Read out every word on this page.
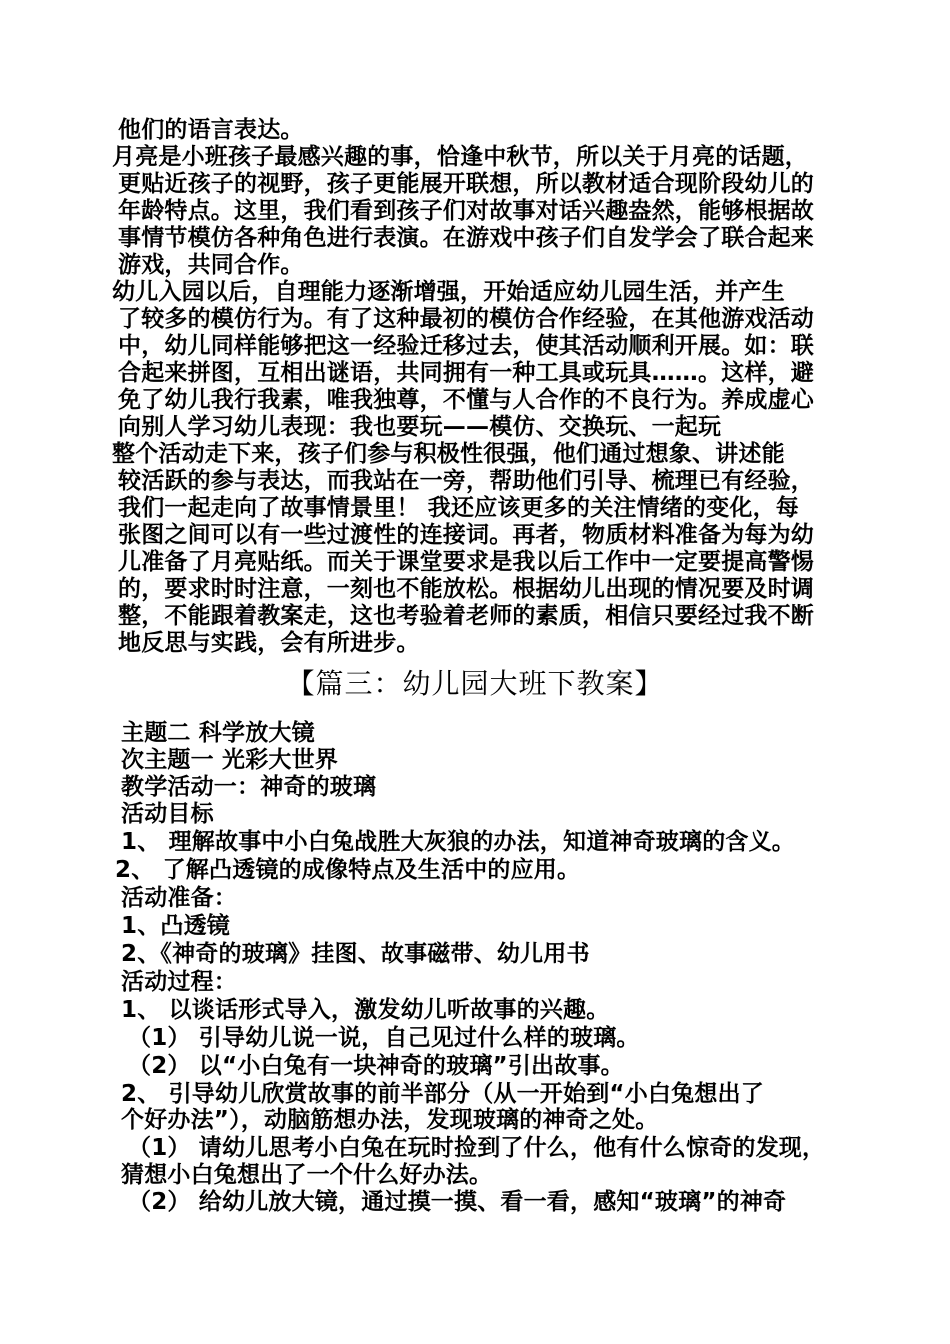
他们的语言表达。
月亮是小班孩子最感兴趣的事，恰逢中秋节，所以关于月亮的话题，
更贴近孩子的视野，孩子更能展开联想，所以教材适合现阶段幼儿的
年龄特点。这里，我们看到孩子们对故事对话兴趣盎然，能够根据故
事情节模仿各种角色进行表演。在游戏中孩子们自发学会了联合起来
游戏，共同合作。
幼儿入园以后，自理能力逐渐增强，开始适应幼儿园生活，并产生
了较多的模仿行为。有了这种最初的模仿合作经验，在其他游戏活动
中，幼儿同样能够把这一经验迁移过去，使其活动顺利开展。如：联
合起来拼图，互相出谜语，共同拥有一种工具或玩具……。这样，避
免了幼儿我行我素，唯我独尊，不懂与人合作的不良行为。养成虚心
向别人学习幼儿表现：我也要玩——模仿、交换玩、一起玩
整个活动走下来，孩子们参与积极性很强，他们通过想象、讲述能
较活跃的参与表达，而我站在一旁，帮助他们引导、梳理已有经验，
我们一起走向了故事情景里！ 我还应该更多的关注情绪的变化，每
张图之间可以有一些过渡性的连接词。再者，物质材料准备为每为幼
儿准备了月亮贴纸。而关于课堂要求是我以后工作中一定要提高警惕
的，要求时时注意，一刻也不能放松。根据幼儿出现的情况要及时调
整，不能跟着教案走，这也考验着老师的素质，相信只要经过我不断
地反思与实践，会有所进步。
【篇三：幼儿园大班下教案】
主题二 科学放大镜
次主题一 光彩大世界
教学活动一：神奇的玻璃
活动目标
1、 理解故事中小白兔战胜大灰狼的办法，知道神奇玻璃的含义。
2、 了解凸透镜的成像特点及生活中的应用。
活动准备：
1、凸透镜
2、《神奇的玻璃》挂图、故事磁带、幼儿用书
活动过程：
1、 以谈话形式导入，激发幼儿听故事的兴趣。
（1） 引导幼儿说一说，自己见过什么样的玻璃。
（2） 以“小白兔有一块神奇的玻璃”引出故事。
2、 引导幼儿欣赏故事的前半部分（从一开始到“小白兔想出了
个好办法”），动脑筋想办法，发现玻璃的神奇之处。
（1） 请幼儿思考小白兔在玩时捡到了什么，他有什么惊奇的发现，
猜想小白兔想出了一个什么好办法。
（2） 给幼儿放大镜，通过摸一摸、看一看，感知“玻璃”的神奇
